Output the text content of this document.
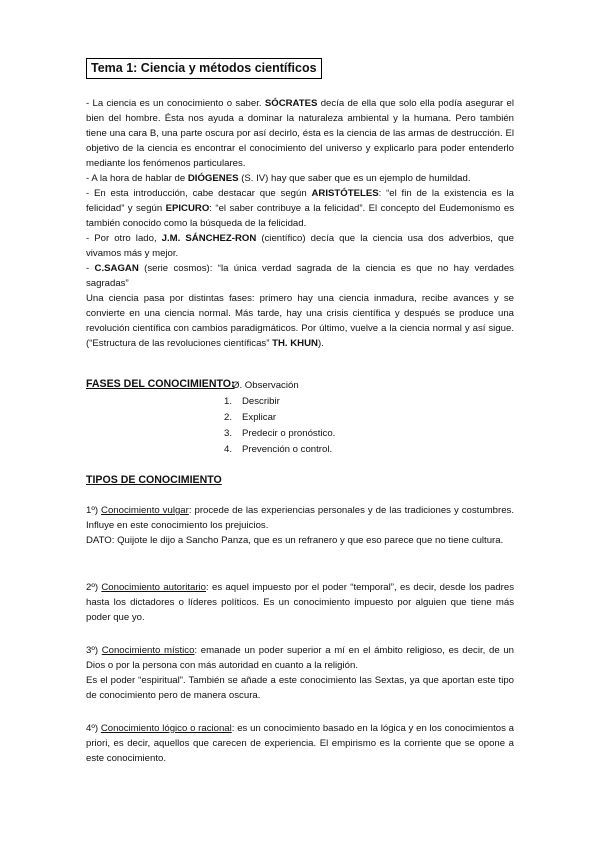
Tema 1: Ciencia y métodos científicos

- La ciencia es un conocimiento o saber. SÓCRATES decía de ella que solo ella podía asegurar el bien del hombre. Ésta nos ayuda a dominar la naturaleza ambiental y la humana. Pero también tiene una cara B, una parte oscura por así decirlo, ésta es la ciencia de las armas de destrucción. El objetivo de la ciencia es encontrar el conocimiento del universo y explicarlo para poder entenderlo mediante los fenómenos particulares.

- A la hora de hablar de DIÓGENES (S. IV) hay que saber que es un ejemplo de humildad.

- En esta introducción, cabe destacar que según ARISTÓTELES: “el fin de la existencia es la felicidad” y según EPICURO: “el saber contribuye a la felicidad”. El concepto del Eudemonismo es también conocido como la búsqueda de la felicidad.

- Por otro lado, J.M. SÁNCHEZ-RON (científico) decía que la ciencia usa dos adverbios, que vivamos más y mejor.

- C.SAGAN (serie cosmos): “la única verdad sagrada de la ciencia es que no hay verdades sagradas”

Una ciencia pasa por distintas fases: primero hay una ciencia inmadura, recibe avances y se convierte en una ciencia normal. Más tarde, hay una crisis científica y después se produce una revolución científica con cambios paradigmáticos. Por último, vuelve a la ciencia normal y así sigue. (“Estructura de las revoluciones científicas” TH. KHUN).

FASES DEL CONOCIMIENTO:
Ø. Observación
1. Describir
2. Explicar
3. Predecir o pronóstico.
4. Prevención o control.
TIPOS DE CONOCIMIENTO

1º) Conocimiento vulgar: procede de las experiencias personales y de las tradiciones y costumbres. Influye en este conocimiento los prejuicios.

DATO: Quijote le dijo a Sancho Panza, que es un refranero y que eso parece que no tiene cultura.

2º) Conocimiento autoritario: es aquel impuesto por el poder “temporal”, es decir, desde los padres hasta los dictadores o líderes políticos. Es un conocimiento impuesto por alguien que tiene más poder que yo.

3º) Conocimiento místico: emanade un poder superior a mí en el ámbito religioso, es decir, de un Dios o por la persona con más autoridad en cuanto a la religión.

Es el poder “espiritual”. También se añade a este conocimiento las Sextas, ya que aportan este tipo de conocimiento pero de manera oscura.

4º) Conocimiento lógico o racional: es un conocimiento basado en la lógica y en los conocimientos a priori, es decir, aquellos que carecen de experiencia. El empirismo es la corriente que se opone a este conocimiento.
